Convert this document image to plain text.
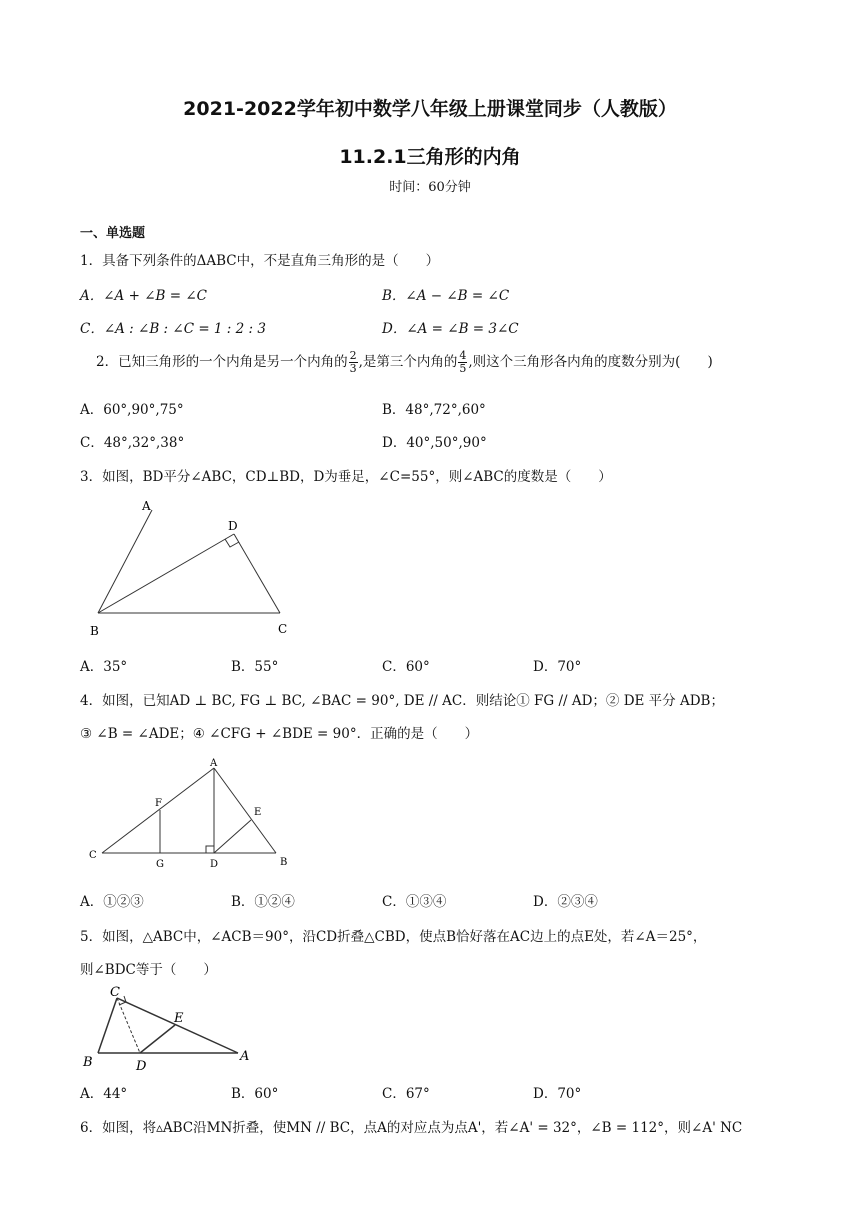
2021-2022学年初中数学八年级上册课堂同步（人教版）
11.2.1三角形的内角
时间：60分钟
一、单选题
1．具备下列条件的ΔABC中，不是直角三角形的是（　　）
A．∠A + ∠B = ∠C	B．∠A − ∠B = ∠C
C．∠A : ∠B : ∠C = 1 : 2 : 3	D．∠A = ∠B = 3∠C
2．已知三角形的一个内角是另一个内角的 $\frac{2}{3}$ ,是第三个内角的 $\frac{4}{5}$ ,则这个三角形各内角的度数分别为(　　)
A．60°,90°,75°	B．48°,72°,60°
C．48°,32°,38°	D．40°,50°,90°
3．如图，BD平分∠ABC，CD⊥BD，D为垂足，∠C=55°，则∠ABC的度数是（　　）
A
D
B	C
A．35°	B．55°	C．60°	D．70°
4．如图，已知AD ⊥ BC, FG ⊥ BC, ∠BAC = 90°, DE // AC．则结论① FG // AD；② DE 平分 ADB；
③ ∠B = ∠ADE；④ ∠CFG + ∠BDE = 90°．正确的是（　　）
A
F
E
C
G	D	B
A．①②③	B．①②④	C．①③④	D．②③④
5．如图，△ABC中，∠ACB＝90°，沿CD折叠△CBD，使点B恰好落在AC边上的点E处，若∠A＝25°，
则∠BDC等于（　　）
C
E
B	D
A
A．44°	B．60°	C．67°	D．70°
6．如图，将▵ABC沿MN折叠，使MN // BC，点A的对应点为点A'，若∠A' = 32°，∠B = 112°，则∠A' NC
